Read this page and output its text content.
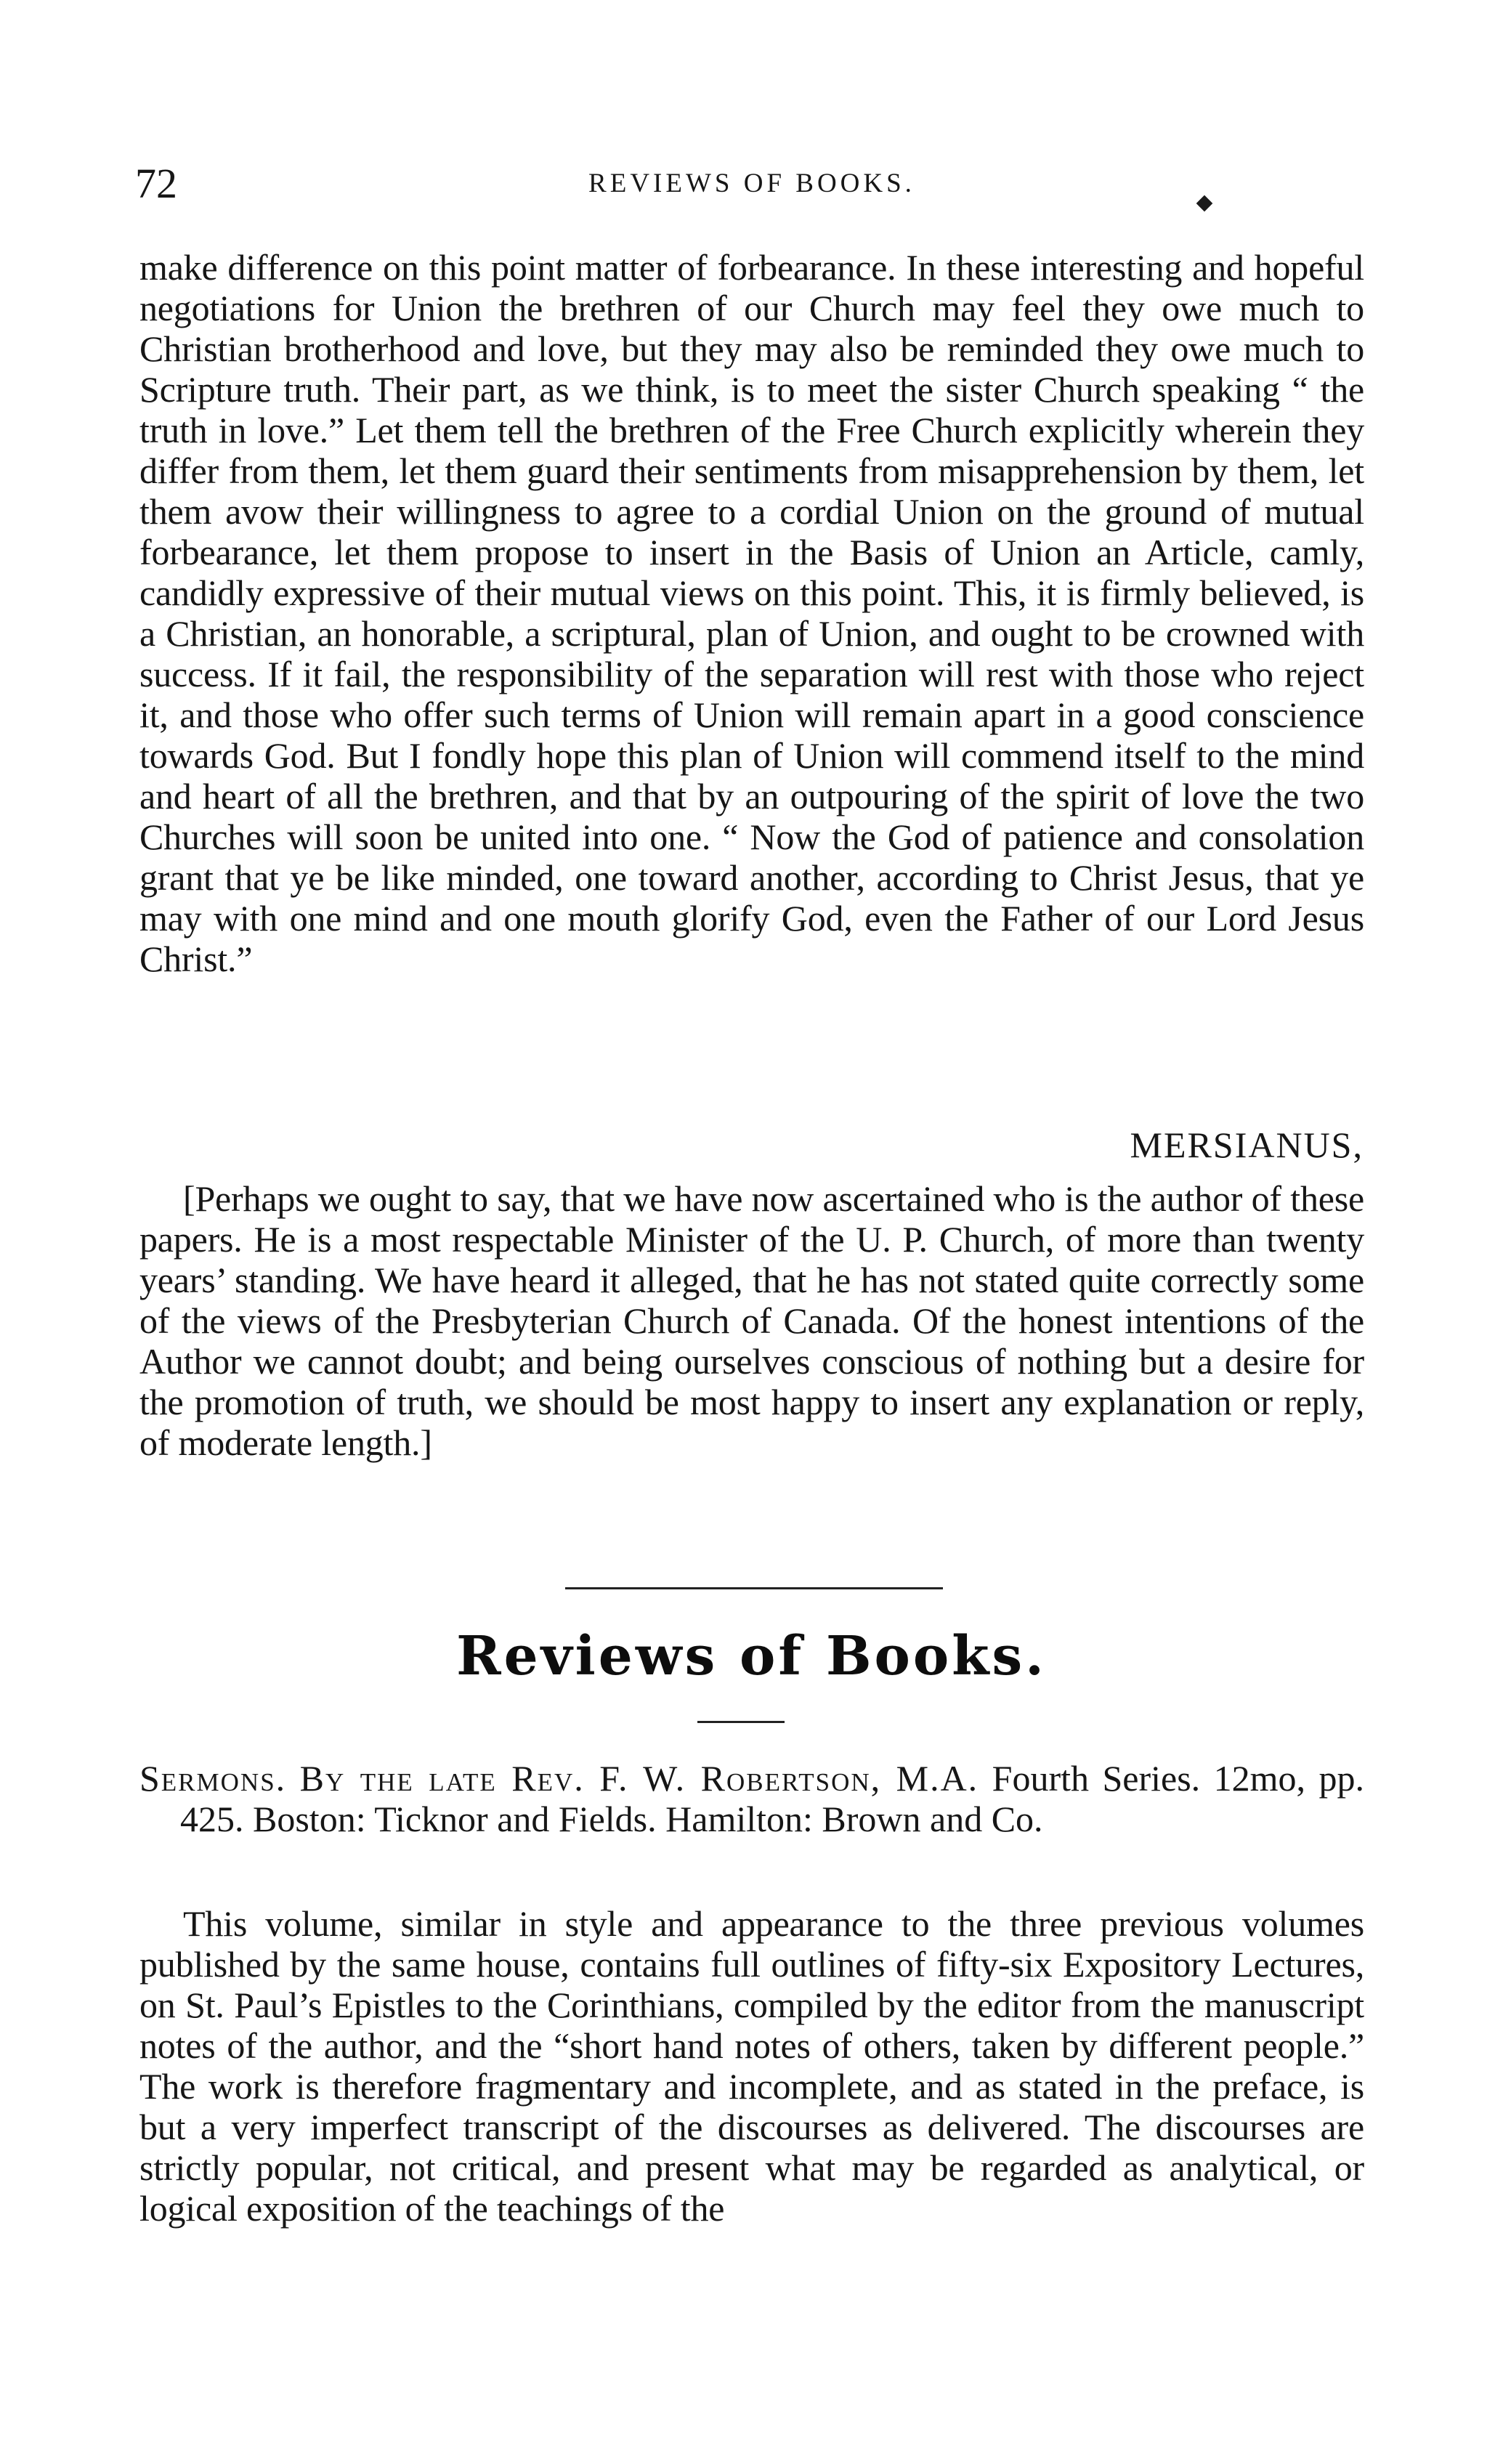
72	REVIEWS OF BOOKS.

make difference on this point matter of forbearance. In these interesting and hopeful negotiations for Union the brethren of our Church may feel they owe much to Christian brotherhood and love, but they may also be reminded they owe much to Scripture truth. Their part, as we think, is to meet the sister Church speaking “ the truth in love.” Let them tell the brethren of the Free Church explicitly wherein they differ from them, let them guard their sentiments from misapprehension by them, let them avow their willingness to agree to a cordial Union on the ground of mutual forbearance, let them propose to insert in the Basis of Union an Article, camly, candidly expressive of their mutual views on this point. This, it is firmly believed, is a Christian, an honorable, a scriptural, plan of Union, and ought to be crowned with success. If it fail, the responsibility of the separation will rest with those who reject it, and those who offer such terms of Union will remain apart in a good conscience towards God. But I fondly hope this plan of Union will commend itself to the mind and heart of all the brethren, and that by an outpouring of the spirit of love the two Churches will soon be united into one. “ Now the God of patience and consolation grant that ye be like minded, one toward another, according to Christ Jesus, that ye may with one mind and one mouth glorify God, even the Father of our Lord Jesus Christ.”

MERSIANUS,

[Perhaps we ought to say, that we have now ascertained who is the author of these papers. He is a most respectable Minister of the U. P. Church, of more than twenty years’ standing. We have heard it alleged, that he has not stated quite correctly some of the views of the Presbyterian Church of Canada. Of the honest intentions of the Author we cannot doubt; and being ourselves conscious of nothing but a desire for the promotion of truth, we should be most happy to insert any explanation or reply, of moderate length.]

Reviews of Books.

Sermons. By the late Rev. F. W. Robertson, M.A. Fourth Series. 12mo, pp. 425. Boston: Ticknor and Fields. Hamilton: Brown and Co.

This volume, similar in style and appearance to the three previous volumes published by the same house, contains full outlines of fifty-six Expository Lectures, on St. Paul’s Epistles to the Corinthians, compiled by the editor from the manuscript notes of the author, and the “short hand notes of others, taken by different people.” The work is therefore fragmentary and incomplete, and as stated in the preface, is but a very imperfect transcript of the discourses as delivered. The discourses are strictly popular, not critical, and present what may be regarded as analytical, or logical exposition of the teachings of the
